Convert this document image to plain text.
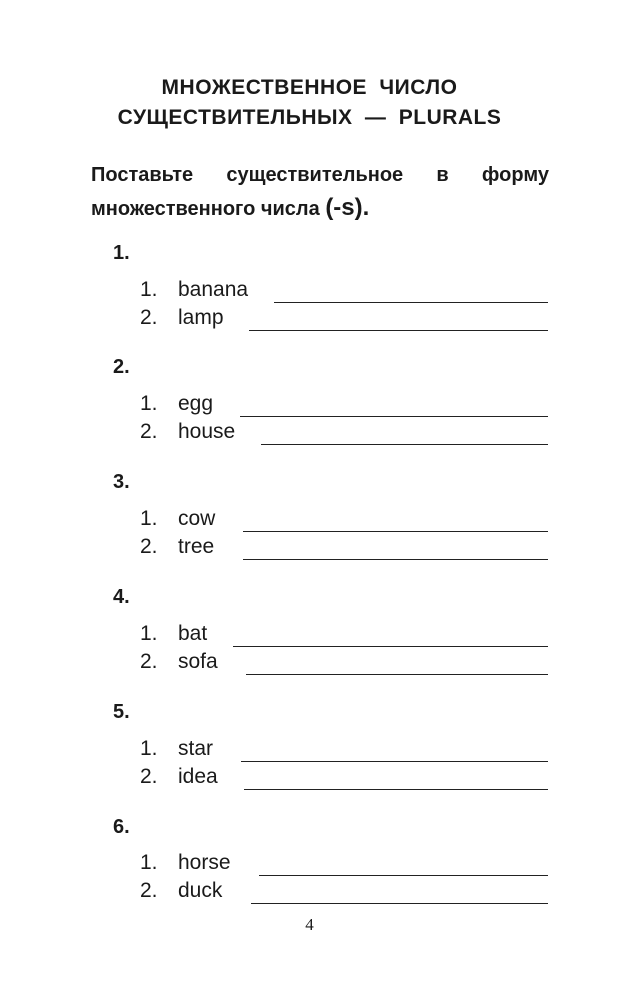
МНОЖЕСТВЕННОЕ ЧИСЛО
СУЩЕСТВИТЕЛЬНЫХ — PLURALS
Поставьте существительное в форму
множественного числа (-s).
1.
1. banana
2. lamp
2.
1. egg
2. house
3.
1. cow
2. tree
4.
1. bat
2. sofa
5.
1. star
2. idea
6.
1. horse
2. duck
4
